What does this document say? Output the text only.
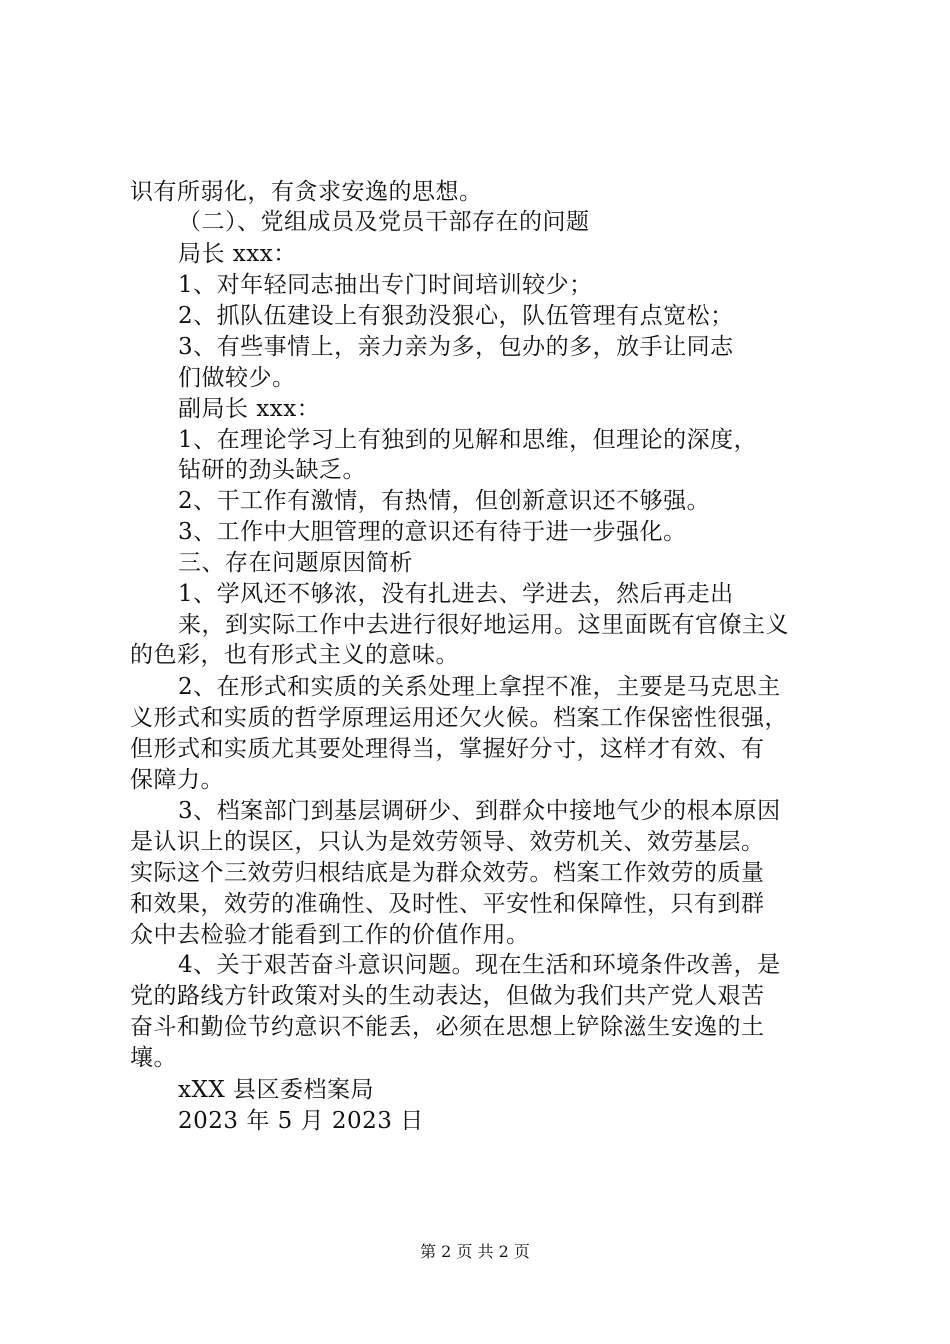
识有所弱化，有贪求安逸的思想。
（二）、党组成员及党员干部存在的问题
局长 xxx：
1、对年轻同志抽出专门时间培训较少；
2、抓队伍建设上有狠劲没狠心，队伍管理有点宽松；
3、有些事情上，亲力亲为多，包办的多，放手让同志
们做较少。
副局长 xxx：
1、在理论学习上有独到的见解和思维，但理论的深度，
钻研的劲头缺乏。
2、干工作有激情，有热情，但创新意识还不够强。
3、工作中大胆管理的意识还有待于进一步强化。
三、存在问题原因简析
1、学风还不够浓，没有扎进去、学进去，然后再走出
来，到实际工作中去进行很好地运用。这里面既有官僚主义
的色彩，也有形式主义的意味。
2、在形式和实质的关系处理上拿捏不准，主要是马克思主
义形式和实质的哲学原理运用还欠火候。档案工作保密性很强，
但形式和实质尤其要处理得当，掌握好分寸，这样才有效、有
保障力。
3、档案部门到基层调研少、到群众中接地气少的根本原因
是认识上的误区，只认为是效劳领导、效劳机关、效劳基层。
实际这个三效劳归根结底是为群众效劳。档案工作效劳的质量
和效果，效劳的准确性、及时性、平安性和保障性，只有到群
众中去检验才能看到工作的价值作用。
4、关于艰苦奋斗意识问题。现在生活和环境条件改善，是
党的路线方针政策对头的生动表达，但做为我们共产党人艰苦
奋斗和勤俭节约意识不能丢，必须在思想上铲除滋生安逸的土
壤。
xXX 县区委档案局
2023 年 5 月 2023 日
第 2 页 共 2 页
